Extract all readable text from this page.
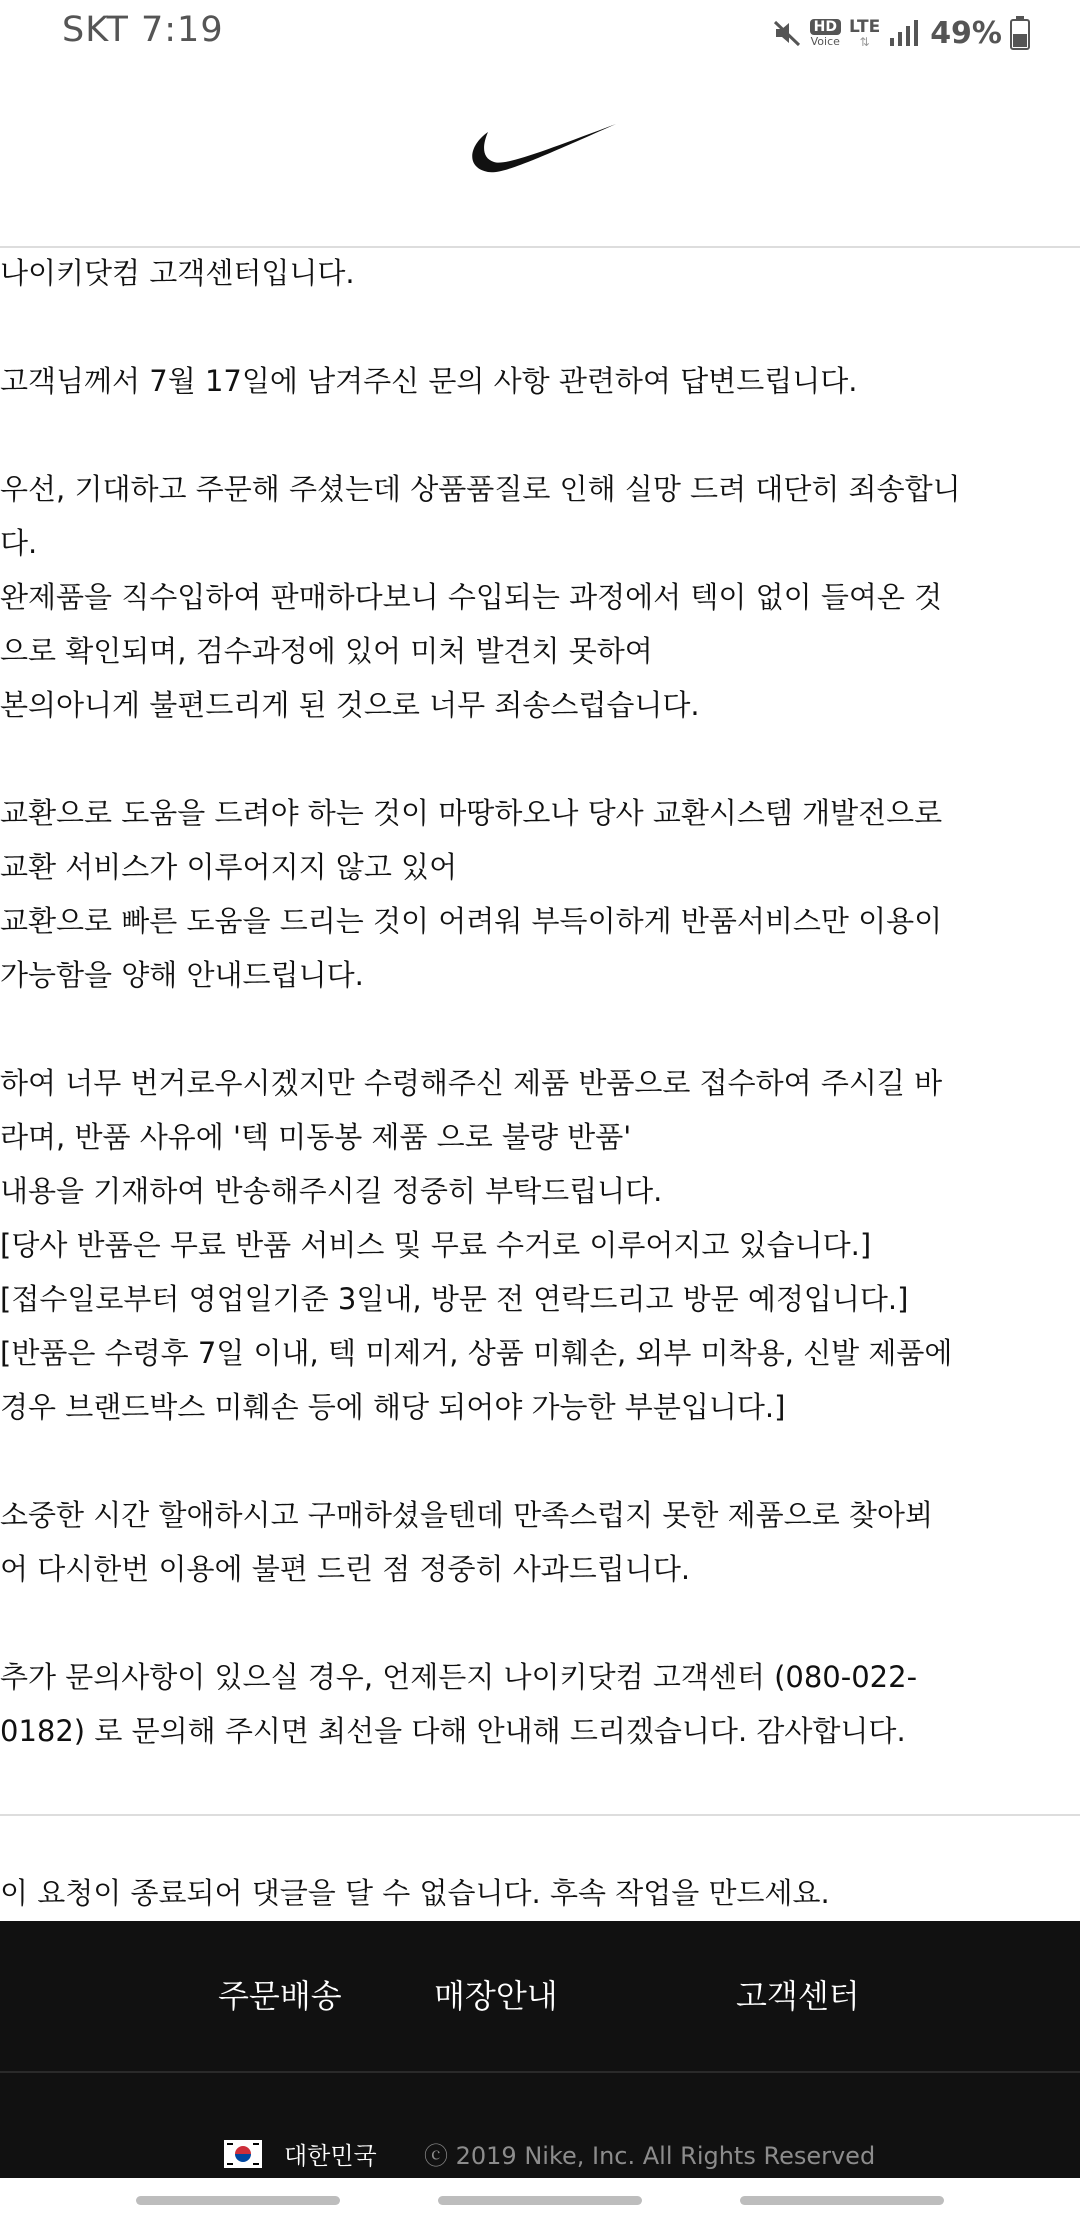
SKT 7:19	HD
Voice
LTE
⇅ 49%
나이키닷컴 고객센터입니다.
고객님께서 7월 17일에 남겨주신 문의 사항 관련하여 답변드립니다.
우선, 기대하고 주문해 주셨는데 상품품질로 인해 실망 드려 대단히 죄송합니
다.
완제품을 직수입하여 판매하다보니 수입되는 과정에서 텍이 없이 들여온 것
으로 확인되며, 검수과정에 있어 미처 발견치 못하여
본의아니게 불편드리게 된 것으로 너무 죄송스럽습니다.
교환으로 도움을 드려야 하는 것이 마땅하오나 당사 교환시스템 개발전으로
교환 서비스가 이루어지지 않고 있어
교환으로 빠른 도움을 드리는 것이 어려워 부득이하게 반품서비스만 이용이
가능함을 양해 안내드립니다.
하여 너무 번거로우시겠지만 수령해주신 제품 반품으로 접수하여 주시길 바
라며, 반품 사유에 '텍 미동봉 제품 으로 불량 반품'
내용을 기재하여 반송해주시길 정중히 부탁드립니다.
[당사 반품은 무료 반품 서비스 및 무료 수거로 이루어지고 있습니다.]
[접수일로부터 영업일기준 3일내, 방문 전 연락드리고 방문 예정입니다.]
[반품은 수령후 7일 이내, 텍 미제거, 상품 미훼손, 외부 미착용, 신발 제품에
경우 브랜드박스 미훼손 등에 해당 되어야 가능한 부분입니다.]
소중한 시간 할애하시고 구매하셨을텐데 만족스럽지 못한 제품으로 찾아뵈
어 다시한번 이용에 불편 드린 점 정중히 사과드립니다.
추가 문의사항이 있으실 경우, 언제든지 나이키닷컴 고객센터 (080-022-
0182) 로 문의해 주시면 최선을 다해 안내해 드리겠습니다. 감사합니다.
이 요청이 종료되어 댓글을 달 수 없습니다. 후속 작업을 만드세요.
주문배송	매장안내	고객센터
대한민국 ⓒ 2019 Nike, Inc. All Rights Reserved
